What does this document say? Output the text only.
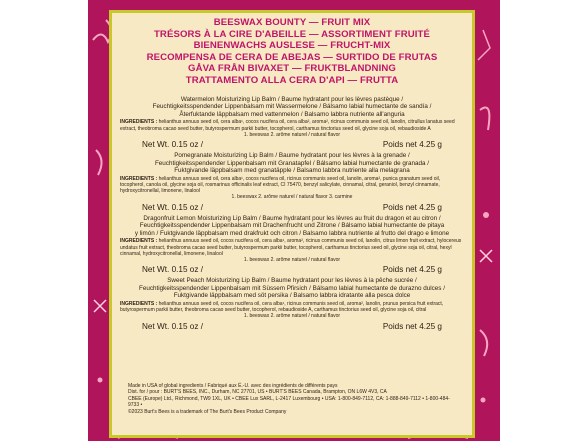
BEESWAX BOUNTY — FRUIT MIX
TRÉSORS À LA CIRE D'ABEILLE — ASSORTIMENT FRUITÉ
BIENENWACHS AUSLESE — FRUCHT-MIX
RECOMPENSA DE CERA DE ABEJAS — SURTIDO DE FRUTAS
GÅVA FRÅN BIVAXET — FRUKTBLANDNING
TRATTAMENTO ALLA CERA D'API — FRUTTA
Watermelon Moisturizing Lip Balm / Baume hydratant pour les lèvres pastèque /
Feuchtigkeitsspendender Lippenbalsam mit Wassermelone / Bálsamo labial humectante de sandía /
Återfuktande läppbalsam med vattenmelon / Balsamo labbra nutriente all'anguria
INGREDIENTS : helianthus annuus seed oil, cera alba¹, cocos nucifera oil, cera alba², aroma², ricinus communis seed oil, lanolin, citrullus lanatus seed extract, theobroma cacao seed butter, butyrospermum parkii butter, tocopherol, carthamus tinctorius seed oil, glycine soja oil, rebaudioside A
1. beeswax 2. arôme naturel / natural flavor
Net Wt. 0.15 oz /	Poids net 4.25 g
Pomegranate Moisturizing Lip Balm / Baume hydratant pour les lèvres à la grenade /
Feuchtigkeitsspendender Lippenbalsam mit Granatapfel / Bálsamo labial humectante de granada /
Fuktgivande läppbalsam med granatäpple / Balsamo labbra nutriente alla melagrana
INGREDIENTS : helianthus annuus seed oil, cera alba¹, cocos nucifera oil, ricinus communis seed oil, lanolin, aroma², punica granatum seed oil, tocopherol, canola oil, glycine soja oil, rosmarinus officinalis leaf extract, CI 75470, benzyl salicylate, cinnamal, citral, geraniol, benzyl cinnamate, hydroxycitronellal, limonene, linalool
1. beeswax 2. arôme naturel / natural flavor 3. carmine
Net Wt. 0.15 oz /	Poids net 4.25 g
Dragonfruit Lemon Moisturizing Lip Balm / Baume hydratant pour les lèvres au fruit du dragon et au citron /
Feuchtigkeitsspendender Lippenbalsam mit Drachenfrucht und Zitrone / Bálsamo labial humectante de pitaya
y limón / Fuktgivande läppbalsam med drakfrukt och citron / Balsamo labbra nutriente al frutto del drago e limone
INGREDIENTS : helianthus annuus seed oil, cocos nucifera oil, cera alba¹, aroma², ricinus communis seed oil, lanolin, citrus limon fruit extract, hylocereus undatus fruit extract, theobroma cacao seed butter, butyrospermum parkii butter, tocopherol, carthamus tinctorius seed oil, glycine soja oil, citral, hexyl cinnamal, hydroxycitronellal, limonene, linalool
1. beeswax 2. arôme naturel / natural flavor
Net Wt. 0.15 oz /	Poids net 4.25 g
Sweet Peach Moisturizing Lip Balm / Baume hydratant pour les lèvres à la pêche sucrée /
Feuchtigkeitsspendender Lippenbalsam mit Süssem Pfirsich / Bálsamo labial humectante de durazno dulces /
Fuktgivande läppbalsam med söt persika / Balsamo labbra idratante alla pesca dolce
INGREDIENTS : helianthus annuus seed oil, cocos nucifera oil, cera alba¹, ricinus communis seed oil, aroma², lanolin, prunus persica fruit extract, butyrospermum parkii butter, theobroma cacao seed butter, tocopherol, rebaudioside A, carthamus tinctorius seed oil, glycine soja oil, citral
1. beeswax 2. arôme naturel / natural flavor
Net Wt. 0.15 oz /	Poids net 4.25 g
Made in USA of global ingredients / Fabriqué aux É.-U. avec des ingrédients de différents pays
Dist. for / pour : BURT'S BEES, INC., Durham, NC 27701, US • BURT'S BEES Canada, Brampton, ON L6W 4V3, CA
CBEE (Europe) Ltd., Richmond, TW9 1XL, UK • CBEE Lux SARL, L-2417 Luxembourg • USA: 1-800-849-7112, CA: 1-888-849-7112 • 1-800-484-9733 •
©2023 Burt's Bees is a trademark of The Burt's Bees Product Company
